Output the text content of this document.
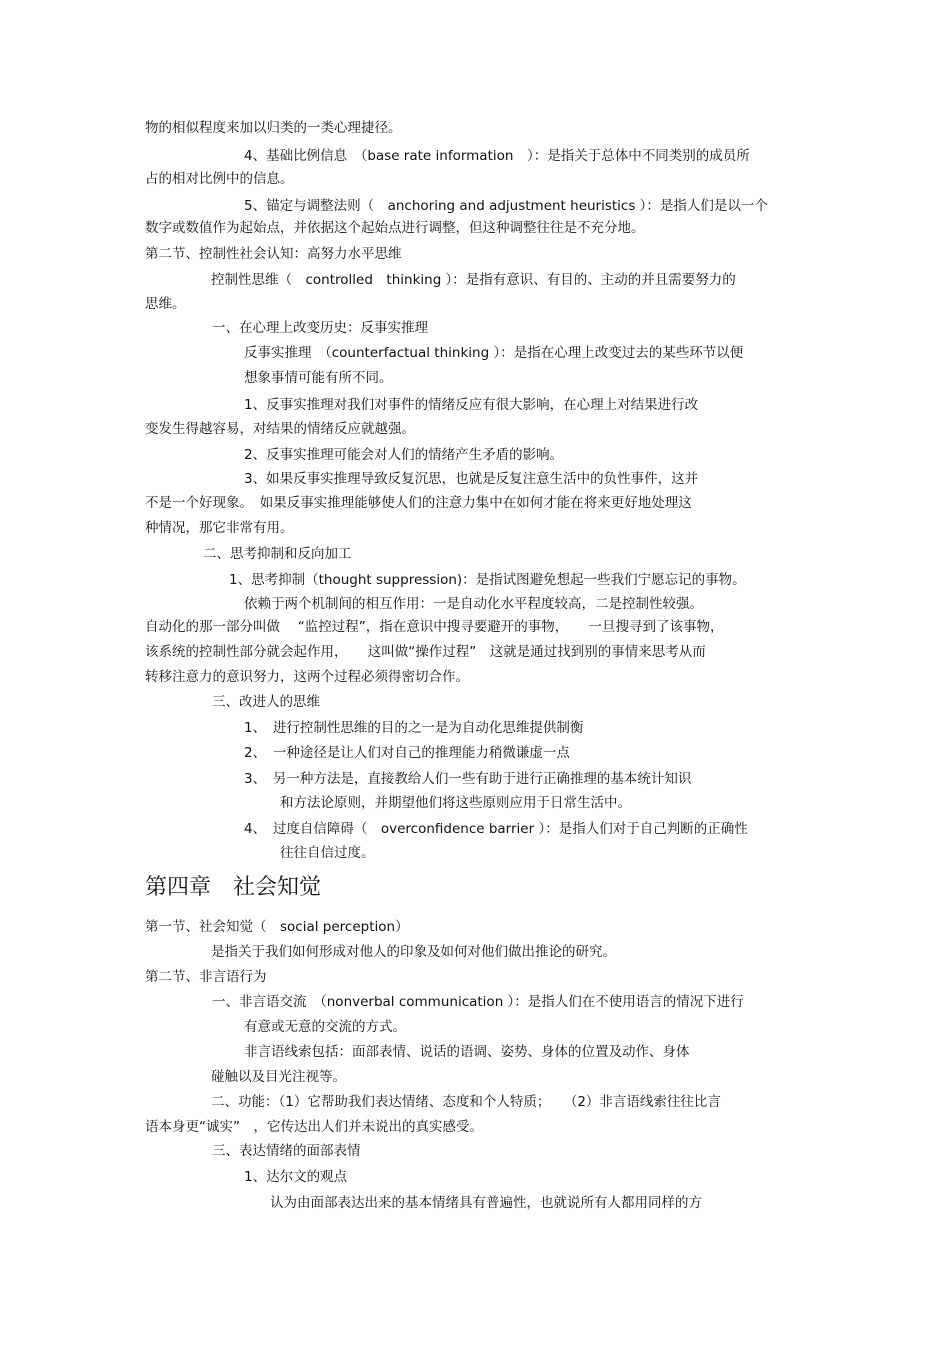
物的相似程度来加以归类的一类心理捷径。
4、基础比例信息　（base rate information　）：是指关于总体中不同类别的成员所
占的相对比例中的信息。
5、锚定与调整法则（　anchoring and adjustment heuristics ）：是指人们是以一个
数字或数值作为起始点，并依据这个起始点进行调整，但这种调整往往是不充分地。
第二节、控制性社会认知：高努力水平思维
控制性思维（　controlled　thinking ）：是指有意识、有目的、主动的并且需要努力的
思维。
一、在心理上改变历史：反事实推理
反事实推理　（counterfactual thinking ）：是指在心理上改变过去的某些环节以便
想象事情可能有所不同。
1、反事实推理对我们对事件的情绪反应有很大影响，在心理上对结果进行改
变发生得越容易，对结果的情绪反应就越强。
2、反事实推理可能会对人们的情绪产生矛盾的影响。
3、如果反事实推理导致反复沉思，也就是反复注意生活中的负性事件，这并
不是一个好现象。　如果反事实推理能够使人们的注意力集中在如何才能在将来更好地处理这
种情况，那它非常有用。
二、思考抑制和反向加工
1、思考抑制（thought suppression)：是指试图避免想起一些我们宁愿忘记的事物。
依赖于两个机制间的相互作用：一是自动化水平程度较高，二是控制性较强。
自动化的那一部分叫做　 “监控过程”，指在意识中搜寻要避开的事物，　　一旦搜寻到了该事物，
该系统的控制性部分就会起作用，　　这叫做“操作过程”　这就是通过找到别的事情来思考从而
转移注意力的意识努力，这两个过程必须得密切合作。
三、改进人的思维
1、　进行控制性思维的目的之一是为自动化思维提供制衡
2、　一种途径是让人们对自己的推理能力稍微谦虚一点
3、　另一种方法是，直接教给人们一些有助于进行正确推理的基本统计知识
和方法论原则，并期望他们将这些原则应用于日常生活中。
4、　过度自信障碍（　overconfidence barrier ）：是指人们对于自己判断的正确性
往往自信过度。
第四章　社会知觉
第一节、社会知觉（　social perception）
是指关于我们如何形成对他人的印象及如何对他们做出推论的研究。
第二节、非言语行为
一、非言语交流　（nonverbal communication ）：是指人们在不使用语言的情况下进行
有意或无意的交流的方式。
非言语线索包括：面部表情、说话的语调、姿势、身体的位置及动作、身体
碰触以及目光注视等。
二、功能：（1）它帮助我们表达情绪、态度和个人特质；　　（2）非言语线索往往比言
语本身更“诚实”　，它传达出人们并未说出的真实感受。
三、表达情绪的面部表情
1、达尔文的观点
认为由面部表达出来的基本情绪具有普遍性，也就说所有人都用同样的方
